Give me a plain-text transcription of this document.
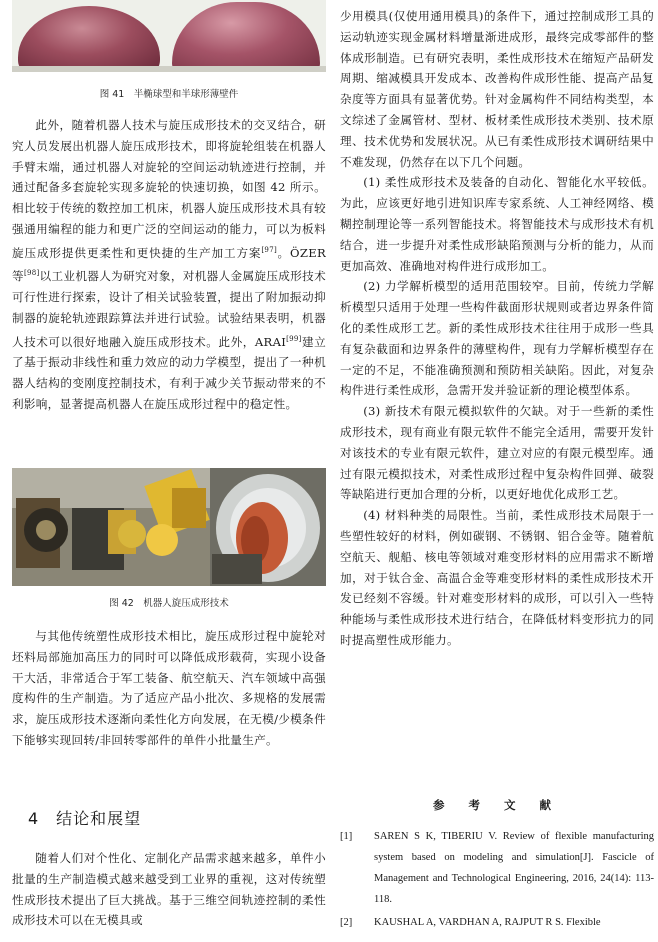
图 41　半椭球型和半球形薄壁件

此外，随着机器人技术与旋压成形技术的交叉结合，研究人员发展出机器人旋压成形技术，即将旋轮组装在机器人手臂末端，通过机器人对旋轮的空间运动轨迹进行控制，并通过配备多套旋轮实现多旋轮的快速切换，如图 42 所示。相比较于传统的数控加工机床，机器人旋压成形技术具有较强通用编程的能力和更广泛的空间运动的能力，可以为板料旋压成形提供更柔性和更快捷的生产加工方案[97]。ÖZER 等[98]以工业机器人为研究对象，对机器人金属旋压成形技术可行性进行探索，设计了相关试验装置，提出了附加振动抑制器的旋轮轨迹跟踪算法并进行试验。试验结果表明，机器人技术可以很好地融入旋压成形技术。此外，ARAI[99]建立了基于振动非线性和重力效应的动力学模型，提出了一种机器人结构的变刚度控制技术，有利于减少关节振动带来的不利影响，显著提高机器人在旋压成形过程中的稳定性。

图 42　机器人旋压成形技术

与其他传统塑性成形技术相比，旋压成形过程中旋轮对坯料局部施加高压力的同时可以降低成形载荷，实现小设备干大活，非常适合于军工装备、航空航天、汽车领域中高强度构件的生产制造。为了适应产品小批次、多规格的发展需求，旋压成形技术逐渐向柔性化方向发展，在无模/少模条件下能够实现回转/非回转零部件的单件小批量生产。

4　结论和展望

随着人们对个性化、定制化产品需求越来越多，单件小批量的生产制造模式越来越受到工业界的重视，这对传统塑性成形技术提出了巨大挑战。基于三维空间轨迹控制的柔性成形技术可以在无模具或

少用模具(仅使用通用模具)的条件下，通过控制成形工具的运动轨迹实现金属材料增量渐进成形，最终完成零部件的整体成形制造。已有研究表明，柔性成形技术在缩短产品研发周期、缩减模具开发成本、改善构件成形性能、提高产品复杂度等方面具有显著优势。针对金属构件不同结构类型，本文综述了金属管材、型材、板材柔性成形技术类别、技术原理、技术优势和发展状况。从已有柔性成形技术调研结果中不难发现，仍然存在以下几个问题。

(1) 柔性成形技术及装备的自动化、智能化水平较低。为此，应该更好地引进知识库专家系统、人工神经网络、模糊控制理论等一系列智能技术。将智能技术与成形技术有机结合，进一步提升对柔性成形缺陷预测与分析的能力，从而更加高效、准确地对构件进行成形加工。

(2) 力学解析模型的适用范围较窄。目前，传统力学解析模型只适用于处理一些构件截面形状规则或者边界条件简化的柔性成形工艺。新的柔性成形技术往往用于成形一些具有复杂截面和边界条件的薄壁构件，现有力学解析模型存在一定的不足，不能准确预测和预防相关缺陷。因此，对复杂构件进行柔性成形，急需开发并验证新的理论模型体系。

(3) 新技术有限元模拟软件的欠缺。对于一些新的柔性成形技术，现有商业有限元软件不能完全适用，需要开发针对该技术的专业有限元软件，建立对应的有限元模型库。通过有限元模拟技术，对柔性成形过程中复杂构件回弹、破裂等缺陷进行更加合理的分析，以更好地优化成形工艺。

(4) 材料种类的局限性。当前，柔性成形技术局限于一些塑性较好的材料，例如碳钢、不锈钢、铝合金等。随着航空航天、舰船、核电等领域对难变形材料的应用需求不断增加，对于钛合金、高温合金等难变形材料的柔性成形技术开发已经刻不容缓。针对难变形材料的成形，可以引入一些特种能场与柔性成形技术进行结合，在降低材料变形抗力的同时提高塑性成形能力。

参 考 文 献

[1] SAREN S K, TIBERIU V. Review of flexible manufacturing system based on modeling and simulation[J]. Fascicle of Management and Technological Engineering, 2016, 24(14): 113-118.

[2] KAUSHAL A, VARDHAN A, RAJPUT R S. Flexible
